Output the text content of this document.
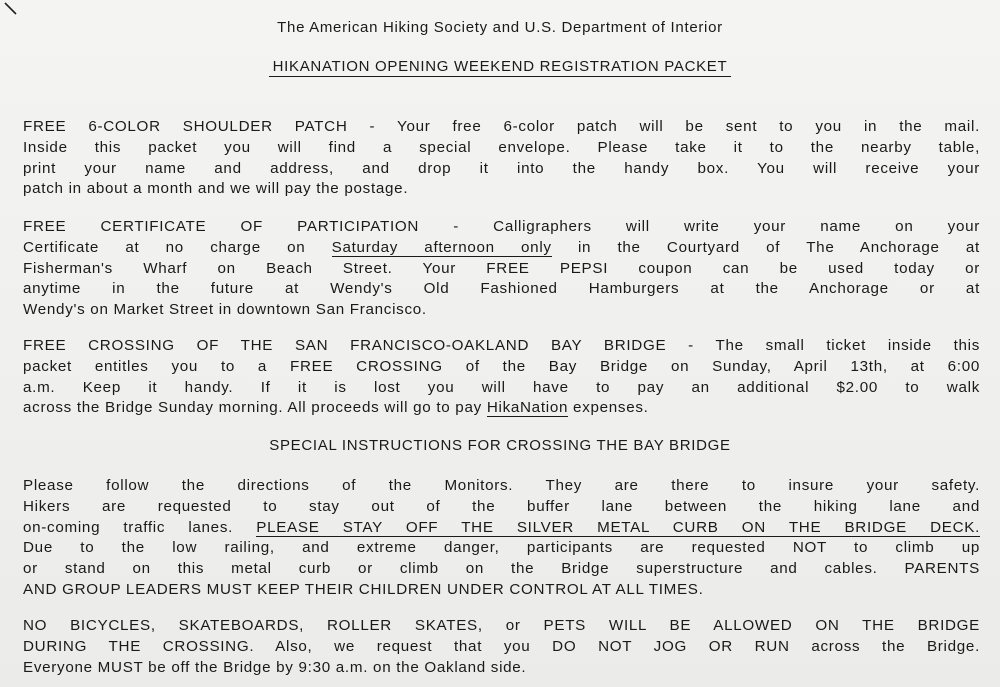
The American Hiking Society and U.S. Department of Interior
HIKANATION OPENING WEEKEND REGISTRATION PACKET
FREE 6-COLOR SHOULDER PATCH - Your free 6-color patch will be sent to you in the mail.
Inside this packet you will find a special envelope. Please take it to the nearby table,
print your name and address, and drop it into the handy box. You will receive your
patch in about a month and we will pay the postage.
FREE CERTIFICATE OF PARTICIPATION - Calligraphers will write your name on your
Certificate at no charge on Saturday afternoon only in the Courtyard of The Anchorage at
Fisherman's Wharf on Beach Street. Your FREE PEPSI coupon can be used today or
anytime in the future at Wendy's Old Fashioned Hamburgers at the Anchorage or at
Wendy's on Market Street in downtown San Francisco.
FREE CROSSING OF THE SAN FRANCISCO-OAKLAND BAY BRIDGE - The small ticket inside this
packet entitles you to a FREE CROSSING of the Bay Bridge on Sunday, April 13th, at 6:00
a.m. Keep it handy. If it is lost you will have to pay an additional $2.00 to walk
across the Bridge Sunday morning. All proceeds will go to pay HikaNation expenses.
SPECIAL INSTRUCTIONS FOR CROSSING THE BAY BRIDGE
Please follow the directions of the Monitors. They are there to insure your safety.
Hikers are requested to stay out of the buffer lane between the hiking lane and
on-coming traffic lanes. PLEASE STAY OFF THE SILVER METAL CURB ON THE BRIDGE DECK.
Due to the low railing, and extreme danger, participants are requested NOT to climb up
or stand on this metal curb or climb on the Bridge superstructure and cables. PARENTS
AND GROUP LEADERS MUST KEEP THEIR CHILDREN UNDER CONTROL AT ALL TIMES.
NO BICYCLES, SKATEBOARDS, ROLLER SKATES, or PETS WILL BE ALLOWED ON THE BRIDGE
DURING THE CROSSING. Also, we request that you DO NOT JOG OR RUN across the Bridge.
Everyone MUST be off the Bridge by 9:30 a.m. on the Oakland side.
